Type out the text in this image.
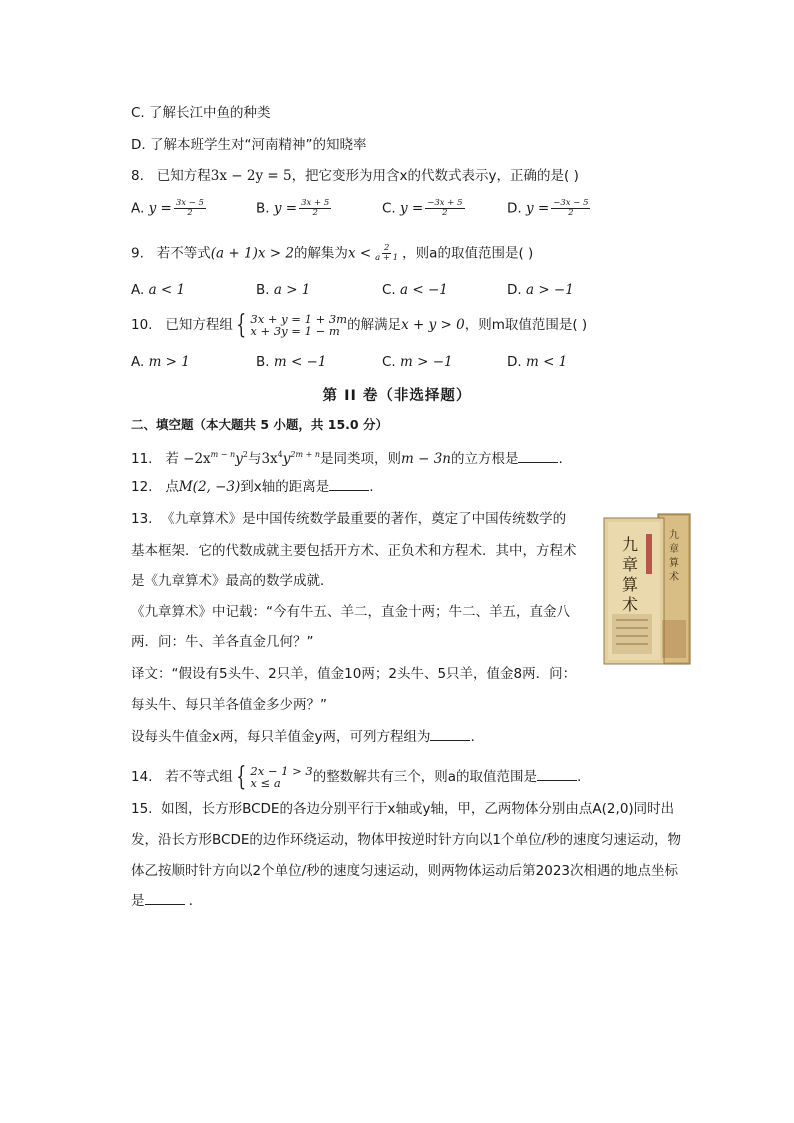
C. 了解长江中鱼的种类
D. 了解本班学生对“河南精神”的知晓率
8. 已知方程3x − 2y = 5，把它变形为用含x的代数式表示y，正确的是( )
A. $y = \frac{3x - 5}{2}$	B. $y = \frac{3x + 5}{2}$	C. $y = \frac{-3x + 5}{2}$	D. $y = \frac{-3x - 5}{2}$
9. 若不等式(a + 1)x > 2的解集为$x < \frac{2}{a + 1}$ ，则a的取值范围是( )
A. a < 1	B. a > 1	C. a < −1	D. a > −1
10. 已知方程组 { 3x + y = 1 + 3m
x + 3y = 1 − m 的解满足x + y > 0，则m取值范围是( )
A. m > 1	B. m < −1	C. m > −1	D. m < 1
第 II 卷（非选择题）
二、填空题（本大题共 5 小题，共 15.0 分）
11. 若 $-2x^{m - n}y^2$与$3x^4y^{2m + n}$是同类项，则m − 3n的立方根是	.
12. 点M(2, −3)到x轴的距离是	.
13. 《九章算术》是中国传统数学最重要的著作，奠定了中国传统数学的
基本框架．它的代数成就主要包括开方术、正负术和方程术．其中，方程术
是《九章算术》最高的数学成就．
《九章算术》中记载：“今有牛五、羊二，直金十两；牛二、羊五，直金八
两．问：牛、羊各直金几何？”
译文：“假设有5头牛、2只羊，值金10两；2头牛、5只羊，值金8两．问：
每头牛、每只羊各值金多少两？”
设每头牛值金x两，每只羊值金y两，可列方程组为	.
九
章
算
术
九
章
算
术
14. 若不等式组 { 2x − 1 > 3
x ≤ a	的整数解共有三个，则a的取值范围是	.
15. 如图，长方形BCDE的各边分别平行于x轴或y轴，甲，乙两物体分别由点A(2,0)同时出
发，沿长方形BCDE的边作环绕运动，物体甲按逆时针方向以1个单位/秒的速度匀速运动，物
体乙按顺时针方向以2个单位/秒的速度匀速运动，则两物体运动后第2023次相遇的地点坐标
是	．
